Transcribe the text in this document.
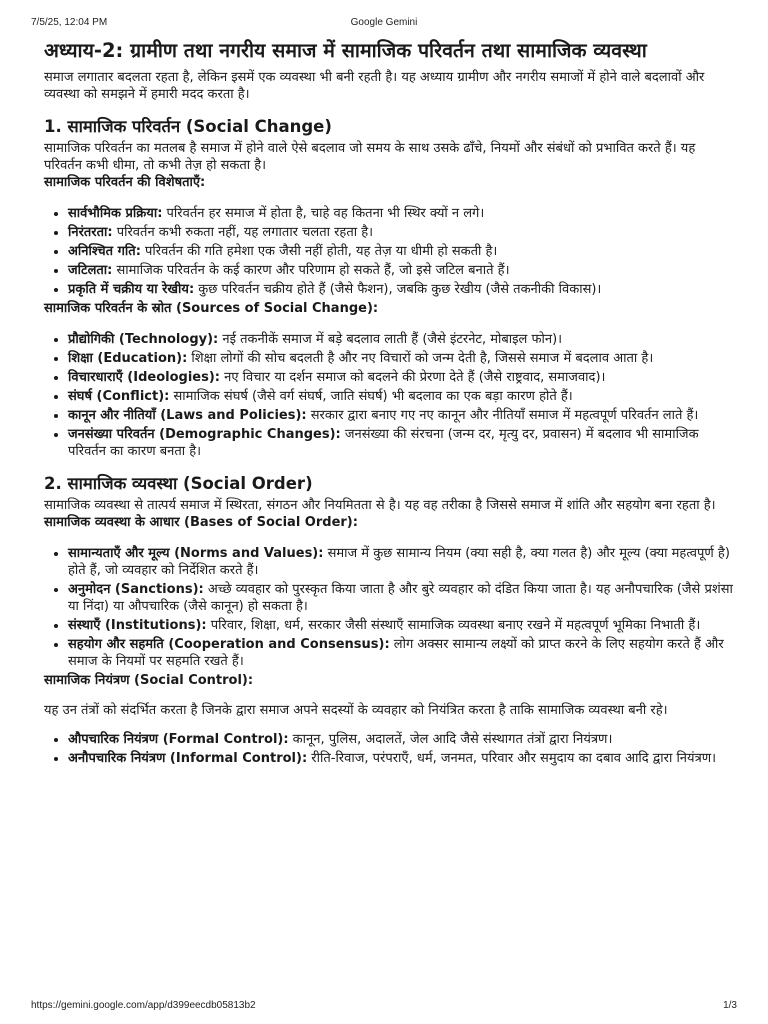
7/5/25, 12:04 PM	Google Gemini
अध्याय-2: ग्रामीण तथा नगरीय समाज में सामाजिक परिवर्तन तथा सामाजिक व्यवस्था

समाज लगातार बदलता रहता है, लेकिन इसमें एक व्यवस्था भी बनी रहती है। यह अध्याय ग्रामीण और नगरीय समाजों में होने वाले बदलावों और व्यवस्था को समझने में हमारी मदद करता है।

1. सामाजिक परिवर्तन (Social Change)

सामाजिक परिवर्तन का मतलब है समाज में होने वाले ऐसे बदलाव जो समय के साथ उसके ढाँचे, नियमों और संबंधों को प्रभावित करते हैं। यह परिवर्तन कभी धीमा, तो कभी तेज़ हो सकता है।

सामाजिक परिवर्तन की विशेषताएँ:

• सार्वभौमिक प्रक्रिया: परिवर्तन हर समाज में होता है, चाहे वह कितना भी स्थिर क्यों न लगे।
• निरंतरता: परिवर्तन कभी रुकता नहीं, यह लगातार चलता रहता है।
• अनिश्चित गति: परिवर्तन की गति हमेशा एक जैसी नहीं होती, यह तेज़ या धीमी हो सकती है।
• जटिलता: सामाजिक परिवर्तन के कई कारण और परिणाम हो सकते हैं, जो इसे जटिल बनाते हैं।
• प्रकृति में चक्रीय या रेखीय: कुछ परिवर्तन चक्रीय होते हैं (जैसे फैशन), जबकि कुछ रेखीय (जैसे तकनीकी विकास)।

सामाजिक परिवर्तन के स्रोत (Sources of Social Change):

• प्रौद्योगिकी (Technology): नई तकनीकें समाज में बड़े बदलाव लाती हैं (जैसे इंटरनेट, मोबाइल फोन)।
• शिक्षा (Education): शिक्षा लोगों की सोच बदलती है और नए विचारों को जन्म देती है, जिससे समाज में बदलाव आता है।
• विचारधाराएँ (Ideologies): नए विचार या दर्शन समाज को बदलने की प्रेरणा देते हैं (जैसे राष्ट्रवाद, समाजवाद)।
• संघर्ष (Conflict): सामाजिक संघर्ष (जैसे वर्ग संघर्ष, जाति संघर्ष) भी बदलाव का एक बड़ा कारण होते हैं।
• कानून और नीतियाँ (Laws and Policies): सरकार द्वारा बनाए गए नए कानून और नीतियाँ समाज में महत्वपूर्ण परिवर्तन लाते हैं।
• जनसंख्या परिवर्तन (Demographic Changes): जनसंख्या की संरचना (जन्म दर, मृत्यु दर, प्रवासन) में बदलाव भी सामाजिक परिवर्तन का कारण बनता है।
2. सामाजिक व्यवस्था (Social Order)

सामाजिक व्यवस्था से तात्पर्य समाज में स्थिरता, संगठन और नियमितता से है। यह वह तरीका है जिससे समाज में शांति और सहयोग बना रहता है।

सामाजिक व्यवस्था के आधार (Bases of Social Order):

• सामान्यताएँ और मूल्य (Norms and Values): समाज में कुछ सामान्य नियम (क्या सही है, क्या गलत है) और मूल्य (क्या महत्वपूर्ण है) होते हैं, जो व्यवहार को निर्देशित करते हैं।
• अनुमोदन (Sanctions): अच्छे व्यवहार को पुरस्कृत किया जाता है और बुरे व्यवहार को दंडित किया जाता है। यह अनौपचारिक (जैसे प्रशंसा या निंदा) या औपचारिक (जैसे कानून) हो सकता है।
• संस्थाएँ (Institutions): परिवार, शिक्षा, धर्म, सरकार जैसी संस्थाएँ सामाजिक व्यवस्था बनाए रखने में महत्वपूर्ण भूमिका निभाती हैं।
• सहयोग और सहमति (Cooperation and Consensus): लोग अक्सर सामान्य लक्ष्यों को प्राप्त करने के लिए सहयोग करते हैं और समाज के नियमों पर सहमति रखते हैं।

सामाजिक नियंत्रण (Social Control):

यह उन तंत्रों को संदर्भित करता है जिनके द्वारा समाज अपने सदस्यों के व्यवहार को नियंत्रित करता है ताकि सामाजिक व्यवस्था बनी रहे।

• औपचारिक नियंत्रण (Formal Control): कानून, पुलिस, अदालतें, जेल आदि जैसे संस्थागत तंत्रों द्वारा नियंत्रण।
• अनौपचारिक नियंत्रण (Informal Control): रीति-रिवाज, परंपराएँ, धर्म, जनमत, परिवार और समुदाय का दबाव आदि द्वारा नियंत्रण।
https://gemini.google.com/app/d399eecdb05813b2	1/3
